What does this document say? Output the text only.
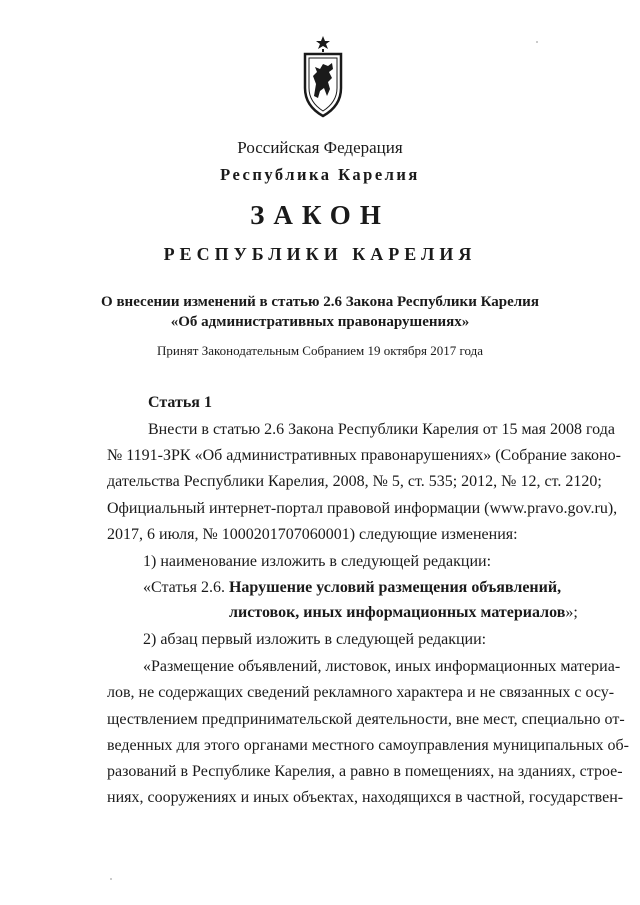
Российская Федерация
Республика Карелия
ЗАКОН
РЕСПУБЛИКИ КАРЕЛИЯ
О внесении изменений в статью 2.6 Закона Республики Карелия
«Об административных правонарушениях»
Принят Законодательным Собранием 19 октября 2017 года
Статья 1
Внести в статью 2.6 Закона Республики Карелия от 15 мая 2008 года
№ 1191-ЗРК «Об административных правонарушениях» (Собрание законо-
дательства Республики Карелия, 2008, № 5, ст. 535; 2012, № 12, ст. 2120;
Официальный интернет-портал правовой информации (www.pravo.gov.ru),
2017, 6 июля, № 1000201707060001) следующие изменения:
1) наименование изложить в следующей редакции:
«Статья 2.6. Нарушение условий размещения объявлений,
листовок, иных информационных материалов»;
2) абзац первый изложить в следующей редакции:
«Размещение объявлений, листовок, иных информационных материа-
лов, не содержащих сведений рекламного характера и не связанных с осу-
ществлением предпринимательской деятельности, вне мест, специально от-
веденных для этого органами местного самоуправления муниципальных об-
разований в Республике Карелия, а равно в помещениях, на зданиях, строе-
ниях, сооружениях и иных объектах, находящихся в частной, государствен-
